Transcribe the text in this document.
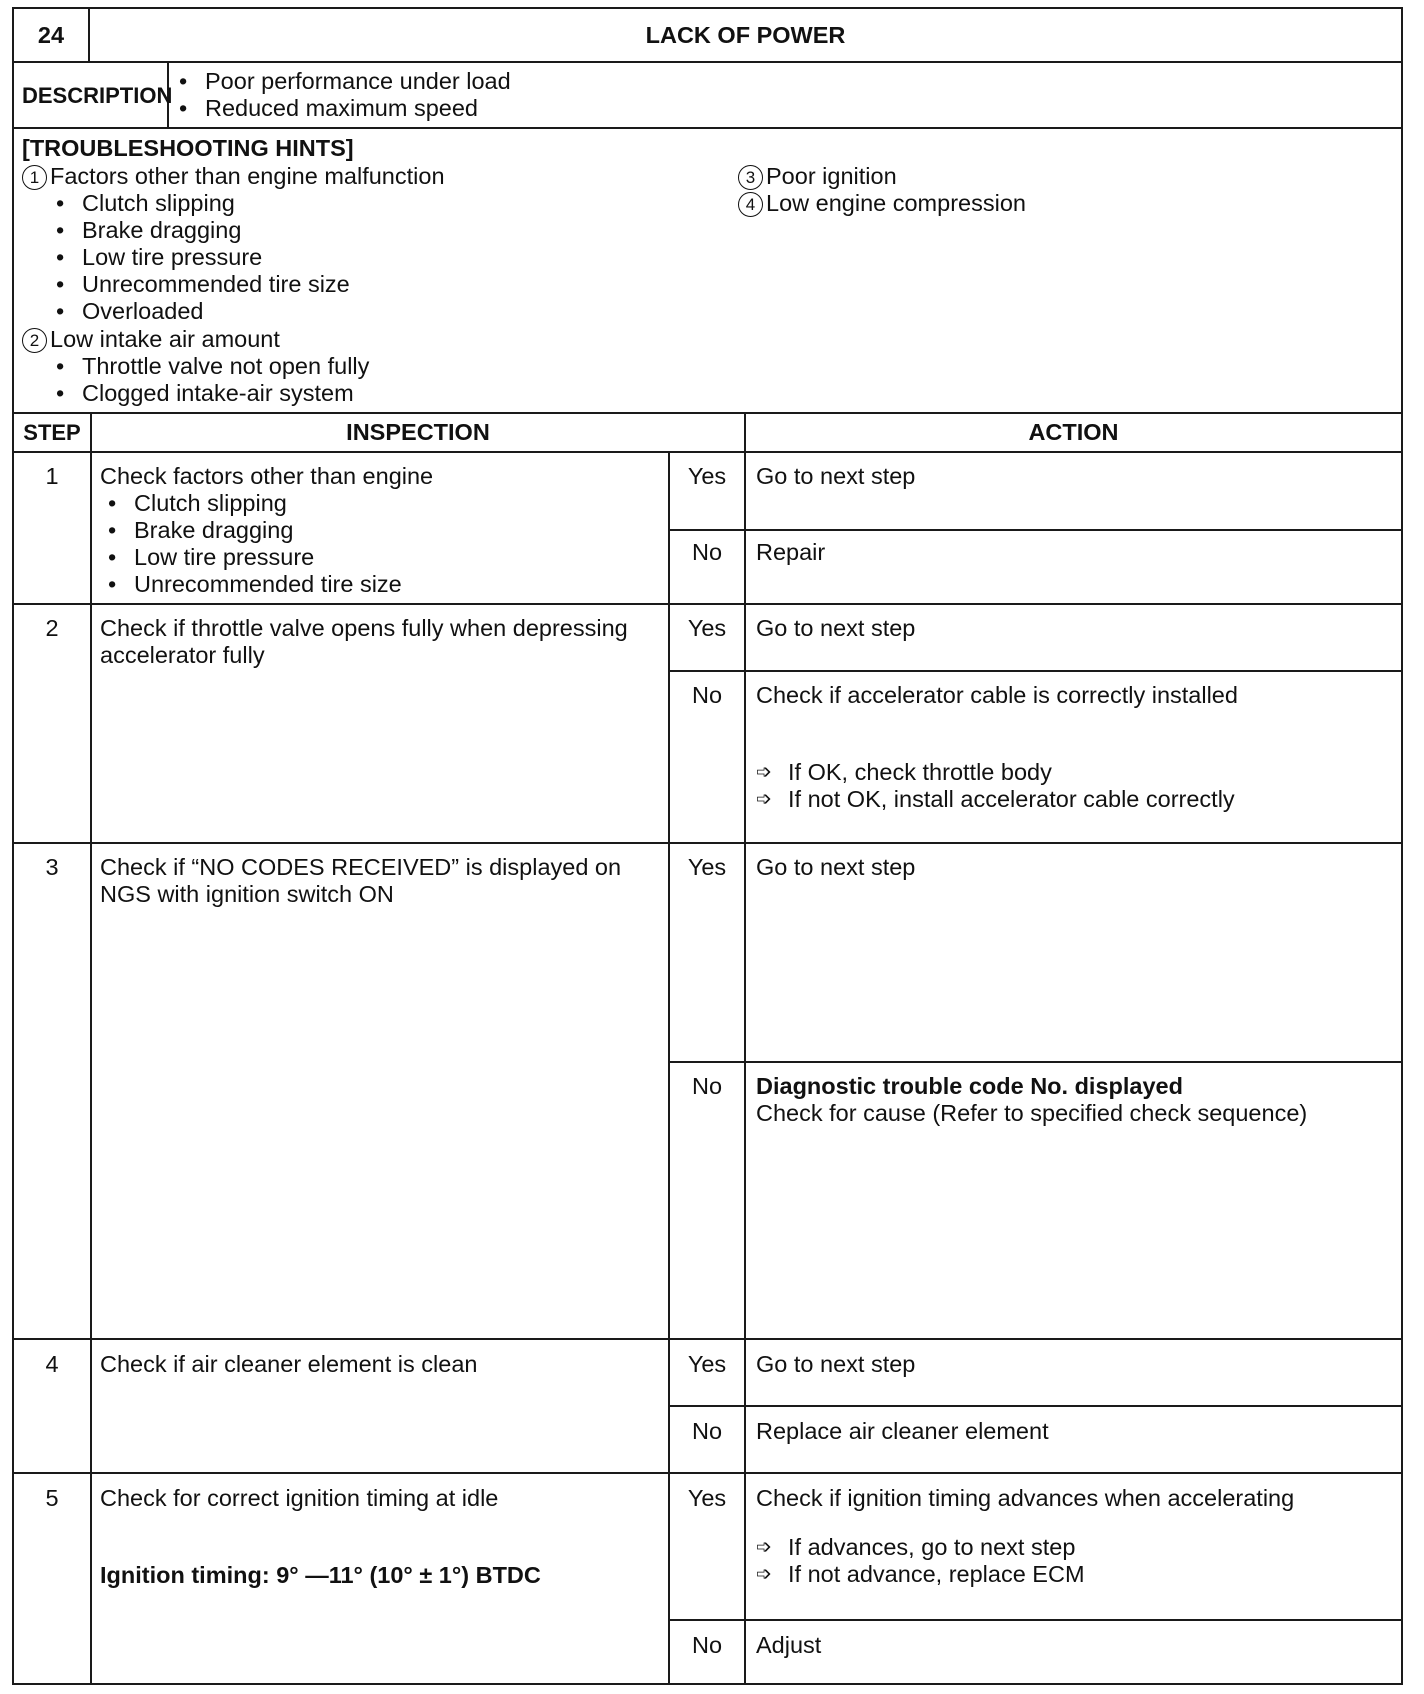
24	LACK OF POWER
DESCRIPTION
• Poor performance under load
• Reduced maximum speed
[TROUBLESHOOTING HINTS]
1 Factors other than engine malfunction
• Clutch slipping
• Brake dragging
• Low tire pressure
• Unrecommended tire size
• Overloaded
2 Low intake air amount
• Throttle valve not open fully
• Clogged intake-air system
3 Poor ignition
4 Low engine compression
STEP	INSPECTION	ACTION
1	Check factors other than engine
• Clutch slipping
• Brake dragging
• Low tire pressure
• Unrecommended tire size
Yes	Go to next step
No	Repair
2	Check if throttle valve opens fully when depressing
accelerator fully
Yes	Go to next step
No	Check if accelerator cable is correctly installed
➩ If OK, check throttle body
➩ If not OK, install accelerator cable correctly
3	Check if “NO CODES RECEIVED” is displayed on
NGS with ignition switch ON
Yes	Go to next step
No	Diagnostic trouble code No. displayed
Check for cause (Refer to specified check sequence)
4	Check if air cleaner element is clean	Yes	Go to next step
No	Replace air cleaner element
5	Check for correct ignition timing at idle
Ignition timing: 9° —11° (10° ± 1°) BTDC
Yes	Check if ignition timing advances when accelerating
➩ If advances, go to next step
➩ If not advance, replace ECM
No	Adjust
